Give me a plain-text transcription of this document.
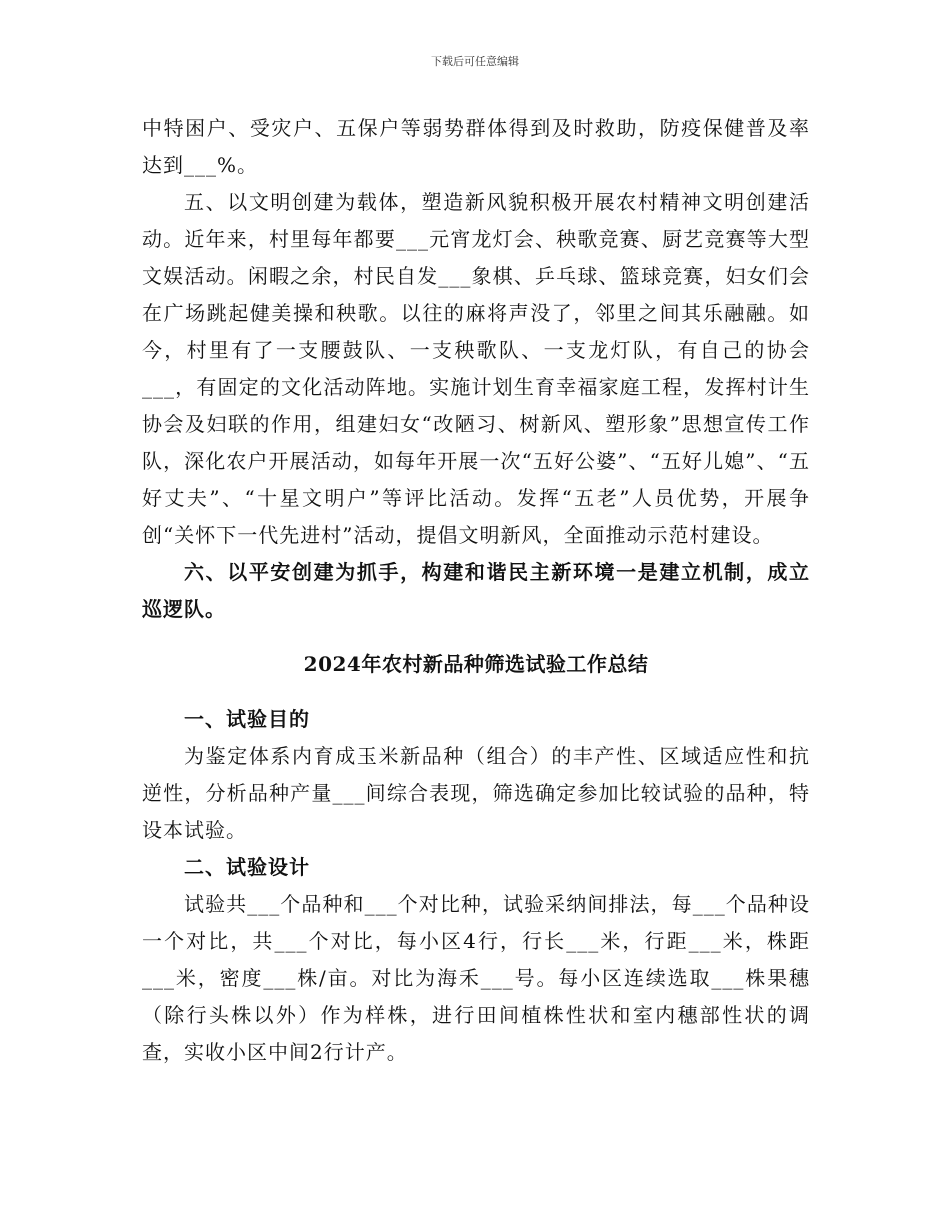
下载后可任意编辑

中特困户、受灾户、五保户等弱势群体得到及时救助，防疫保健普及率达到___%。

五、以文明创建为载体，塑造新风貌积极开展农村精神文明创建活动。近年来，村里每年都要___元宵龙灯会、秧歌竞赛、厨艺竞赛等大型文娱活动。闲暇之余，村民自发___象棋、乒乓球、篮球竞赛，妇女们会在广场跳起健美操和秧歌。以往的麻将声没了，邻里之间其乐融融。如今，村里有了一支腰鼓队、一支秧歌队、一支龙灯队，有自己的协会___，有固定的文化活动阵地。实施计划生育幸福家庭工程，发挥村计生协会及妇联的作用，组建妇女“改陋习、树新风、塑形象”思想宣传工作队，深化农户开展活动，如每年开展一次“五好公婆”、“五好儿媳”、“五好丈夫”、“十星文明户”等评比活动。发挥“五老”人员优势，开展争创“关怀下一代先进村”活动，提倡文明新风，全面推动示范村建设。

六、以平安创建为抓手，构建和谐民主新环境一是建立机制，成立巡逻队。

2024年农村新品种筛选试验工作总结
一、试验目的

为鉴定体系内育成玉米新品种（组合）的丰产性、区域适应性和抗逆性，分析品种产量___间综合表现，筛选确定参加比较试验的品种，特设本试验。

二、试验设计

试验共___个品种和___个对比种，试验采纳间排法，每___个品种设一个对比，共___个对比，每小区4行，行长___米，行距___米，株距___米，密度___株/亩。对比为海禾___号。每小区连续选取___株果穗（除行头株以外）作为样株，进行田间植株性状和室内穗部性状的调查，实收小区中间2行计产。
